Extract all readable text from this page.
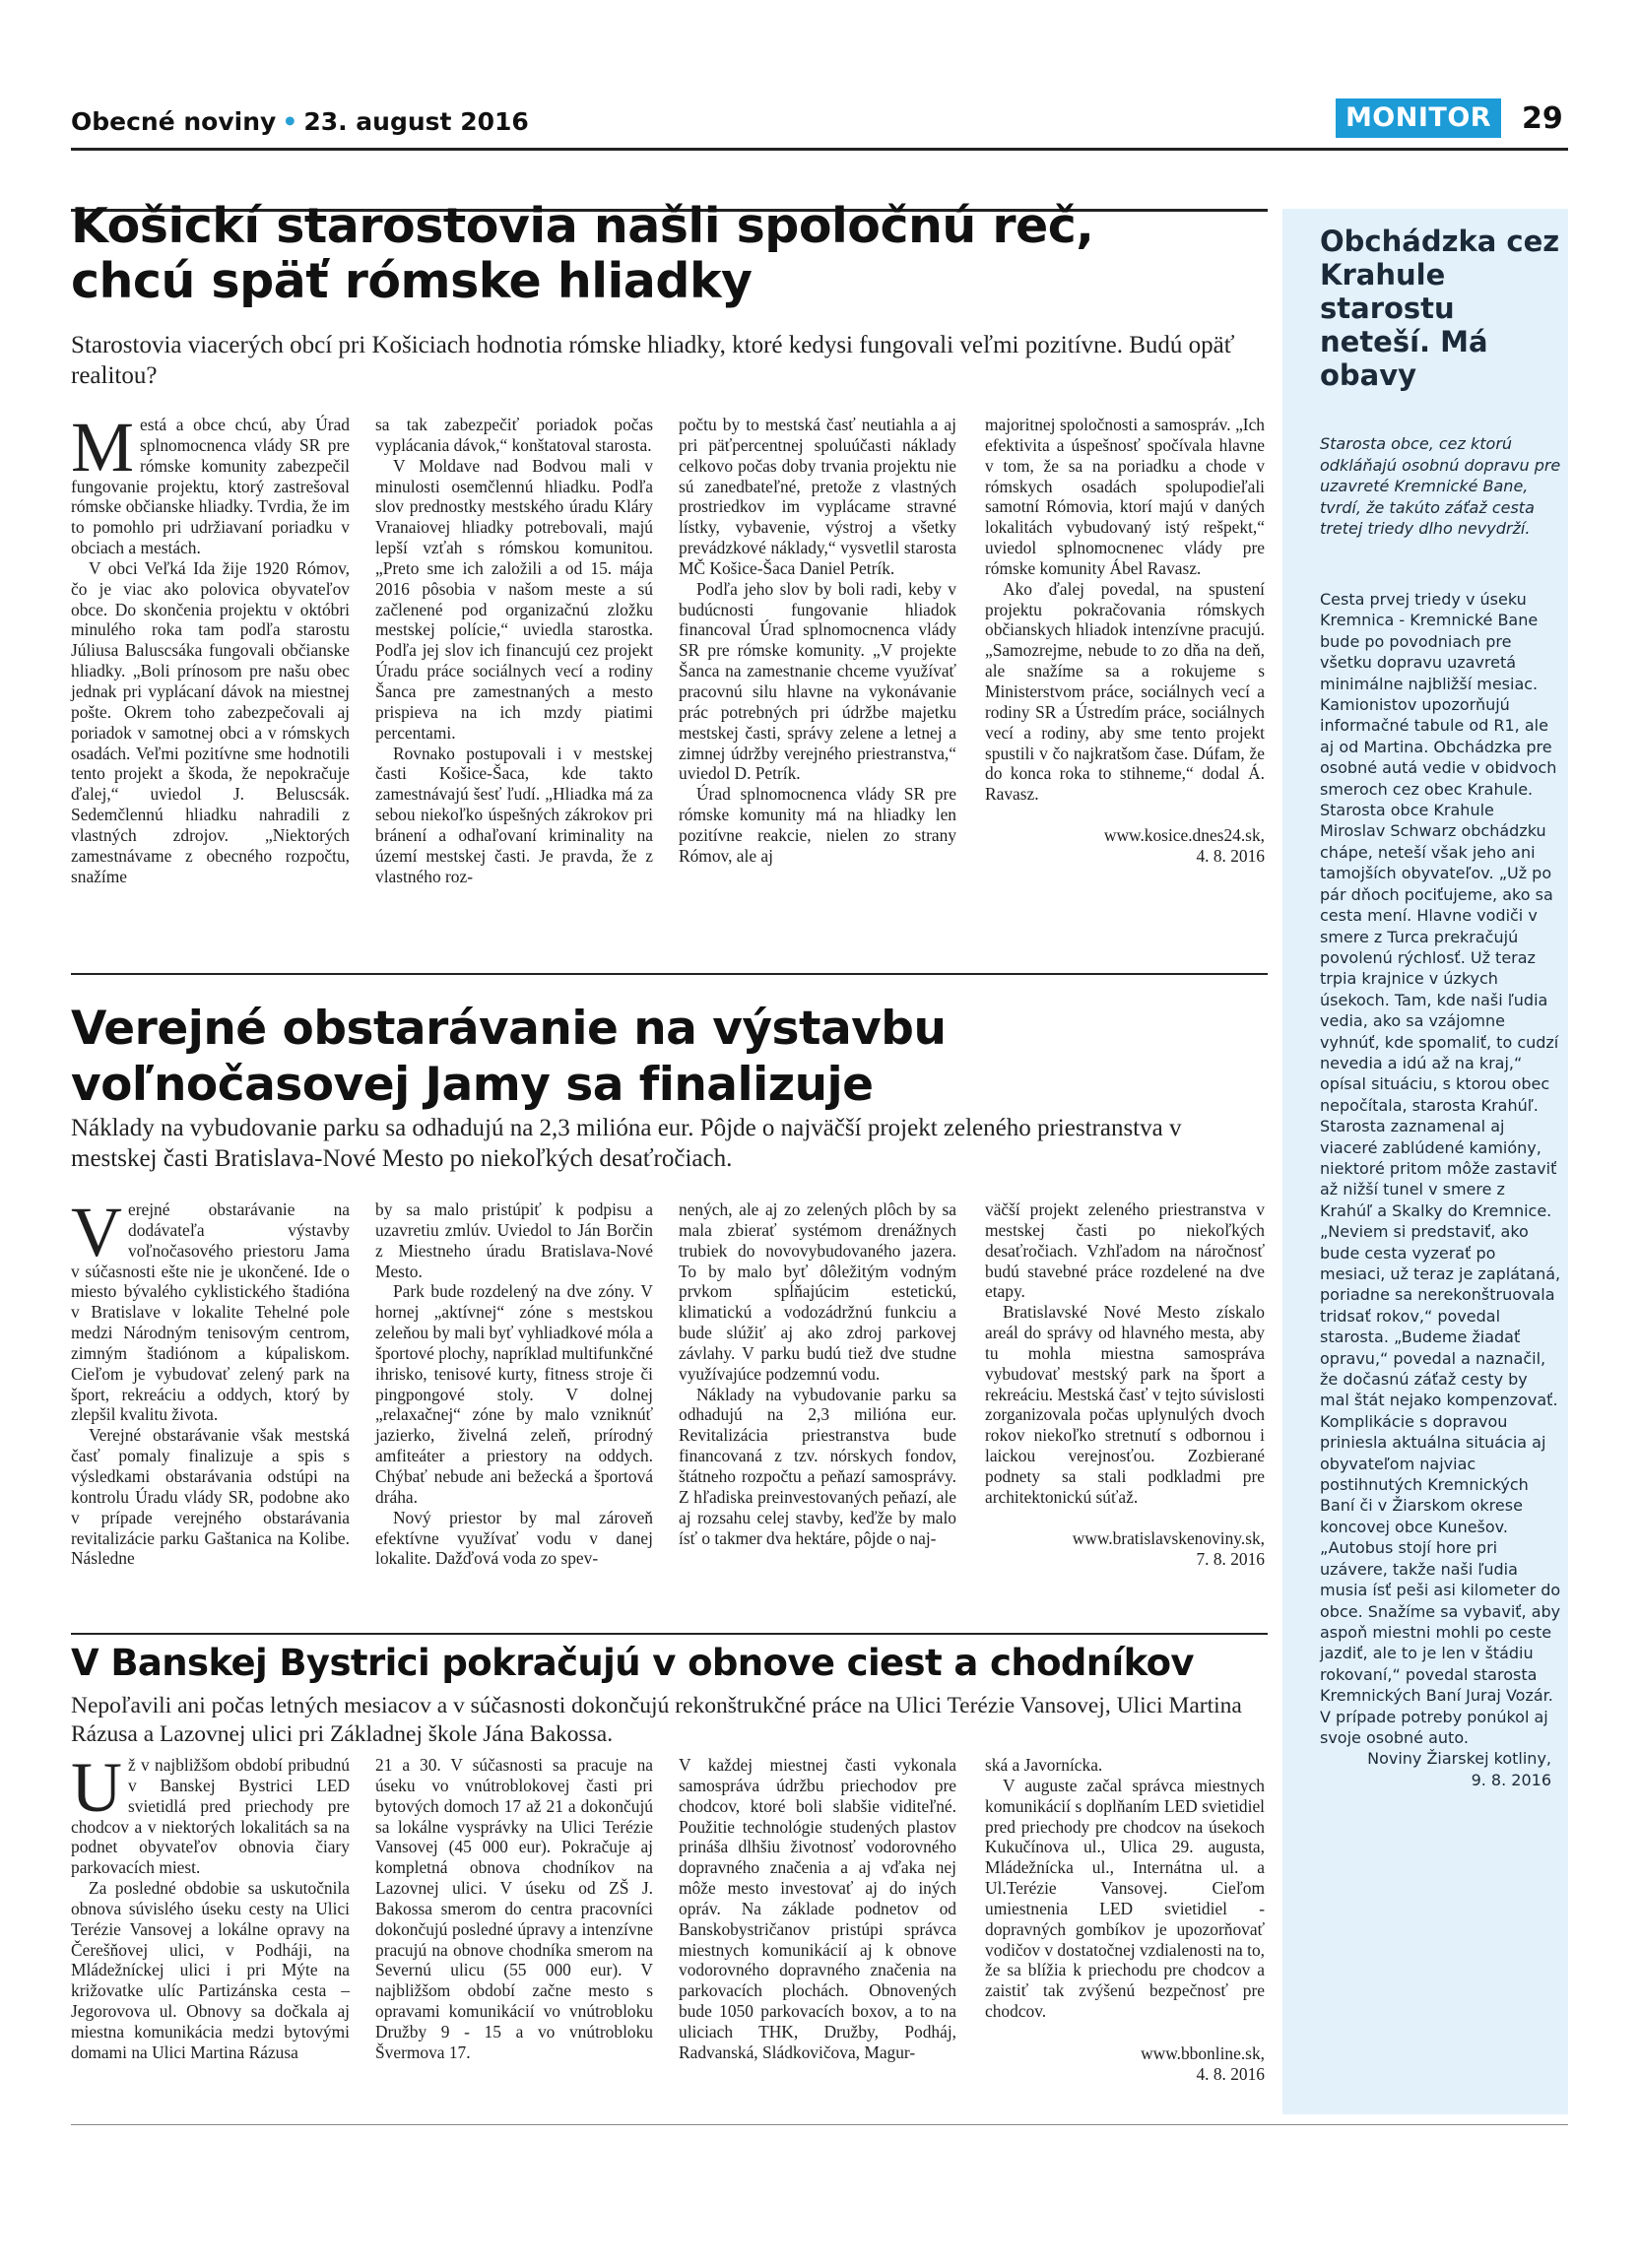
Obecné noviny • 23. august 2016	MONITOR	29
Obchádzka cez Krahule starostu neteší. Má obavy
Starosta obce, cez ktorú odkláňajú osobnú dopravu pre uzavreté Kremnické Bane, tvrdí, že takúto záťaž cesta tretej triedy dlho nevydrží.
Cesta prvej triedy v úseku Kremnica - Kremnické Bane bude po povodniach pre všetku dopravu uzavretá minimálne najbližší mesiac. Kamionistov upozorňujú informačné tabule od R1, ale aj od Martina. Obchádzka pre osobné autá vedie v obidvoch smeroch cez obec Krahule. Starosta obce Krahule Miroslav Schwarz obchádzku chápe, neteší však jeho ani tamojších obyvateľov. „Už po pár dňoch pociťujeme, ako sa cesta mení. Hlavne vodiči v smere z Turca prekračujú povolenú rýchlosť. Už teraz trpia krajnice v úzkych úsekoch. Tam, kde naši ľudia vedia, ako sa vzájomne vyhnúť, kde spomaliť, to cudzí nevedia a idú až na kraj,“ opísal situáciu, s ktorou obec nepočítala, starosta Krahúľ.
Starosta zaznamenal aj viaceré zablúdené kamióny, niektoré pritom môže zastaviť až nižší tunel v smere z Krahúľ a Skalky do Kremnice. „Neviem si predstaviť, ako bude cesta vyzerať po mesiaci, už teraz je zaplátaná, poriadne sa nerekonštruovala tridsať rokov,“ povedal starosta. „Budeme žiadať opravu,“ povedal a naznačil, že dočasnú záťaž cesty by mal štát nejako kompenzovať.
Komplikácie s dopravou priniesla aktuálna situácia aj obyvateľom najviac postihnutých Kremnických Baní či v Žiarskom okrese koncovej obce Kunešov. „Autobus stojí hore pri uzávere, takže naši ľudia musia ísť peši asi kilometer do obce. Snažíme sa vybaviť, aby aspoň miestni mohli po ceste jazdiť, ale to je len v štádiu rokovaní,“ povedal starosta Kremnických Baní Juraj Vozár. V prípade potreby ponúkol aj svoje osobné auto.

Noviny Žiarskej kotliny,
9. 8. 2016
Košickí starostovia našli spoločnú reč,
chcú späť rómske hliadky
Starostovia viacerých obcí pri Košiciach hodnotia rómske hliadky, ktoré kedysi fungovali veľmi pozitívne. Budú opäť realitou?

Mestá a obce chcú, aby Úrad splnomocnenca vlády SR pre rómske komunity zabezpečil fungovanie projektu, ktorý zastrešoval rómske občianske hliadky. Tvrdia, že im to pomohlo pri udržiavaní poriadku v obciach a mestách.

V obci Veľká Ida žije 1920 Rómov, čo je viac ako polovica obyvateľov obce. Do skončenia projektu v októbri minulého roka tam podľa starostu Júliusa Baluscsáka fungovali občianske hliadky. „Boli prínosom pre našu obec jednak pri vyplácaní dávok na miestnej pošte. Okrem toho zabezpečovali aj poriadok v samotnej obci a v rómskych osadách. Veľmi pozitívne sme hodnotili tento projekt a škoda, že nepokračuje ďalej,“ uviedol J. Beluscsák. Sedemčlennú hliadku nahradili z vlastných zdrojov. „Niektorých zamestnávame z obecného rozpočtu, snažíme

sa tak zabezpečiť poriadok počas vyplácania dávok,“ konštatoval starosta.

V Moldave nad Bodvou mali v minulosti osemčlennú hliadku. Podľa slov prednostky mestského úradu Kláry Vranaiovej hliadky potrebovali, majú lepší vzťah s rómskou komunitou. „Preto sme ich založili a od 15. mája 2016 pôsobia v našom meste a sú začlenené pod organizačnú zložku mestskej polície,“ uviedla starostka. Podľa jej slov ich financujú cez projekt Úradu práce sociálnych vecí a rodiny Šanca pre zamestnaných a mesto prispieva na ich mzdy piatimi percentami.

Rovnako postupovali i v mestskej časti Košice-Šaca, kde takto zamestnávajú šesť ľudí. „Hliadka má za sebou niekoľko úspešných zákrokov pri bránení a odhaľovaní kriminality na území mestskej časti. Je pravda, že z vlastného roz-

počtu by to mestská časť neutiahla a aj pri päťpercentnej spoluúčasti náklady celkovo počas doby trvania projektu nie sú zanedbateľné, pretože z vlastných prostriedkov im vyplácame stravné lístky, vybavenie, výstroj a všetky prevádzkové náklady,“ vysvetlil starosta MČ Košice-Šaca Daniel Petrík.

Podľa jeho slov by boli radi, keby v budúcnosti fungovanie hliadok financoval Úrad splnomocnenca vlády SR pre rómske komunity. „V projekte Šanca na zamestnanie chceme využívať pracovnú silu hlavne na vykonávanie prác potrebných pri údržbe majetku mestskej časti, správy zelene a letnej a zimnej údržby verejného priestranstva,“ uviedol D. Petrík.

Úrad splnomocnenca vlády SR pre rómske komunity má na hliadky len pozitívne reakcie, nielen zo strany Rómov, ale aj

majoritnej spoločnosti a samospráv. „Ich efektivita a úspešnosť spočívala hlavne v tom, že sa na poriadku a chode v rómskych osadách spolupodieľali samotní Rómovia, ktorí majú v daných lokalitách vybudovaný istý rešpekt,“ uviedol splnomocnenec vlády pre rómske komunity Ábel Ravasz.

Ako ďalej povedal, na spustení projektu pokračovania rómskych občianskych hliadok intenzívne pracujú. „Samozrejme, nebude to zo dňa na deň, ale snažíme sa a rokujeme s Ministerstvom práce, sociálnych vecí a rodiny SR a Ústredím práce, sociálnych vecí a rodiny, aby sme tento projekt spustili v čo najkratšom čase. Dúfam, že do konca roka to stihneme,“ dodal Á. Ravasz.

www.kosice.dnes24.sk,
4. 8. 2016

Verejné obstarávanie na výstavbu
voľnočasovej Jamy sa finalizuje
Náklady na vybudovanie parku sa odhadujú na 2,3 milióna eur. Pôjde o najväčší projekt zeleného priestranstva v mestskej časti Bratislava-Nové Mesto po niekoľkých desaťročiach.

Verejné obstarávanie na dodávateľa výstavby voľnočasového priestoru Jama v súčasnosti ešte nie je ukončené. Ide o miesto bývalého cyklistického štadióna v Bratislave v lokalite Tehelné pole medzi Národným tenisovým centrom, zimným štadiónom a kúpaliskom. Cieľom je vybudovať zelený park na šport, rekreáciu a oddych, ktorý by zlepšil kvalitu života.

Verejné obstarávanie však mestská časť pomaly finalizuje a spis s výsledkami obstarávania odstúpi na kontrolu Úradu vlády SR, podobne ako v prípade verejného obstarávania revitalizácie parku Gaštanica na Kolibe. Následne

by sa malo pristúpiť k podpisu a uzavretiu zmlúv. Uviedol to Ján Borčin z Miestneho úradu Bratislava-Nové Mesto.

Park bude rozdelený na dve zóny. V hornej „aktívnej“ zóne s mestskou zeleňou by mali byť vyhliadkové móla a športové plochy, napríklad multifunkčné ihrisko, tenisové kurty, fitness stroje či pingpongové stoly. V dolnej „relaxačnej“ zóne by malo vzniknúť jazierko, živelná zeleň, prírodný amfiteáter a priestory na oddych. Chýbať nebude ani bežecká a športová dráha.

Nový priestor by mal zároveň efektívne využívať vodu v danej lokalite. Dažďová voda zo spev-

nených, ale aj zo zelených plôch by sa mala zbierať systémom drenážnych trubiek do novovybudovaného jazera. To by malo byť dôležitým vodným prvkom spĺňajúcim estetickú, klimatickú a vodozádržnú funkciu a bude slúžiť aj ako zdroj parkovej závlahy. V parku budú tiež dve studne využívajúce podzemnú vodu.

Náklady na vybudovanie parku sa odhadujú na 2,3 milióna eur. Revitalizácia priestranstva bude financovaná z tzv. nórskych fondov, štátneho rozpočtu a peňazí samosprávy. Z hľadiska preinvestovaných peňazí, ale aj rozsahu celej stavby, keďže by malo ísť o takmer dva hektáre, pôjde o naj-

väčší projekt zeleného priestranstva v mestskej časti po niekoľkých desaťročiach. Vzhľadom na náročnosť budú stavebné práce rozdelené na dve etapy.

Bratislavské Nové Mesto získalo areál do správy od hlavného mesta, aby tu mohla miestna samospráva vybudovať mestský park na šport a rekreáciu. Mestská časť v tejto súvislosti zorganizovala počas uplynulých dvoch rokov niekoľko stretnutí s odbornou i laickou verejnosťou. Zozbierané podnety sa stali podkladmi pre architektonickú súťaž.

www.bratislavskenoviny.sk,
7. 8. 2016

V Banskej Bystrici pokračujú v obnove ciest a chodníkov
Nepoľavili ani počas letných mesiacov a v súčasnosti dokončujú rekonštrukčné práce na Ulici Terézie Vansovej, Ulici Martina Rázusa a Lazovnej ulici pri Základnej škole Jána Bakossa.

Už v najbližšom období pribudnú v Banskej Bystrici LED svietidlá pred priechody pre chodcov a v niektorých lokalitách sa na podnet obyvateľov obnovia čiary parkovacích miest.

Za posledné obdobie sa uskutočnila obnova súvislého úseku cesty na Ulici Terézie Vansovej a lokálne opravy na Čerešňovej ulici, v Podháji, na Mládežníckej ulici i pri Mýte na križovatke ulíc Partizánska cesta – Jegorovova ul. Obnovy sa dočkala aj miestna komunikácia medzi bytovými domami na Ulici Martina Rázusa

21 a 30. V súčasnosti sa pracuje na úseku vo vnútroblokovej časti pri bytových domoch 17 až 21 a dokončujú sa lokálne vysprávky na Ulici Terézie Vansovej (45 000 eur). Pokračuje aj kompletná obnova chodníkov na Lazovnej ulici. V úseku od ZŠ J. Bakossa smerom do centra pracovníci dokončujú posledné úpravy a intenzívne pracujú na obnove chodníka smerom na Severnú ulicu (55 000 eur). V najbližšom období začne mesto s opravami komunikácií vo vnútrobloku Družby 9 - 15 a vo vnútrobloku Švermova 17.

V každej miestnej časti vykonala samospráva údržbu priechodov pre chodcov, ktoré boli slabšie viditeľné. Použitie technológie studených plastov prináša dlhšiu životnosť vodorovného dopravného značenia a aj vďaka nej môže mesto investovať aj do iných opráv. Na základe podnetov od Banskobystričanov pristúpi správca miestnych komunikácií aj k obnove vodorovného dopravného značenia na parkovacích plochách. Obnovených bude 1050 parkovacích boxov, a to na uliciach THK, Družby, Podháj, Radvanská, Sládkovičova, Magur-

ská a Javornícka.

V auguste začal správca miestnych komunikácií s doplňaním LED svietidiel pred priechody pre chodcov na úsekoch Kukučínova ul., Ulica 29. augusta, Mládežnícka ul., Internátna ul. a Ul.Terézie Vansovej. Cieľom umiestnenia LED svietidiel - dopravných gombíkov je upozorňovať vodičov v dostatočnej vzdialenosti na to, že sa blížia k priechodu pre chodcov a zaistiť tak zvýšenú bezpečnosť pre chodcov.

www.bbonline.sk,
4. 8. 2016
